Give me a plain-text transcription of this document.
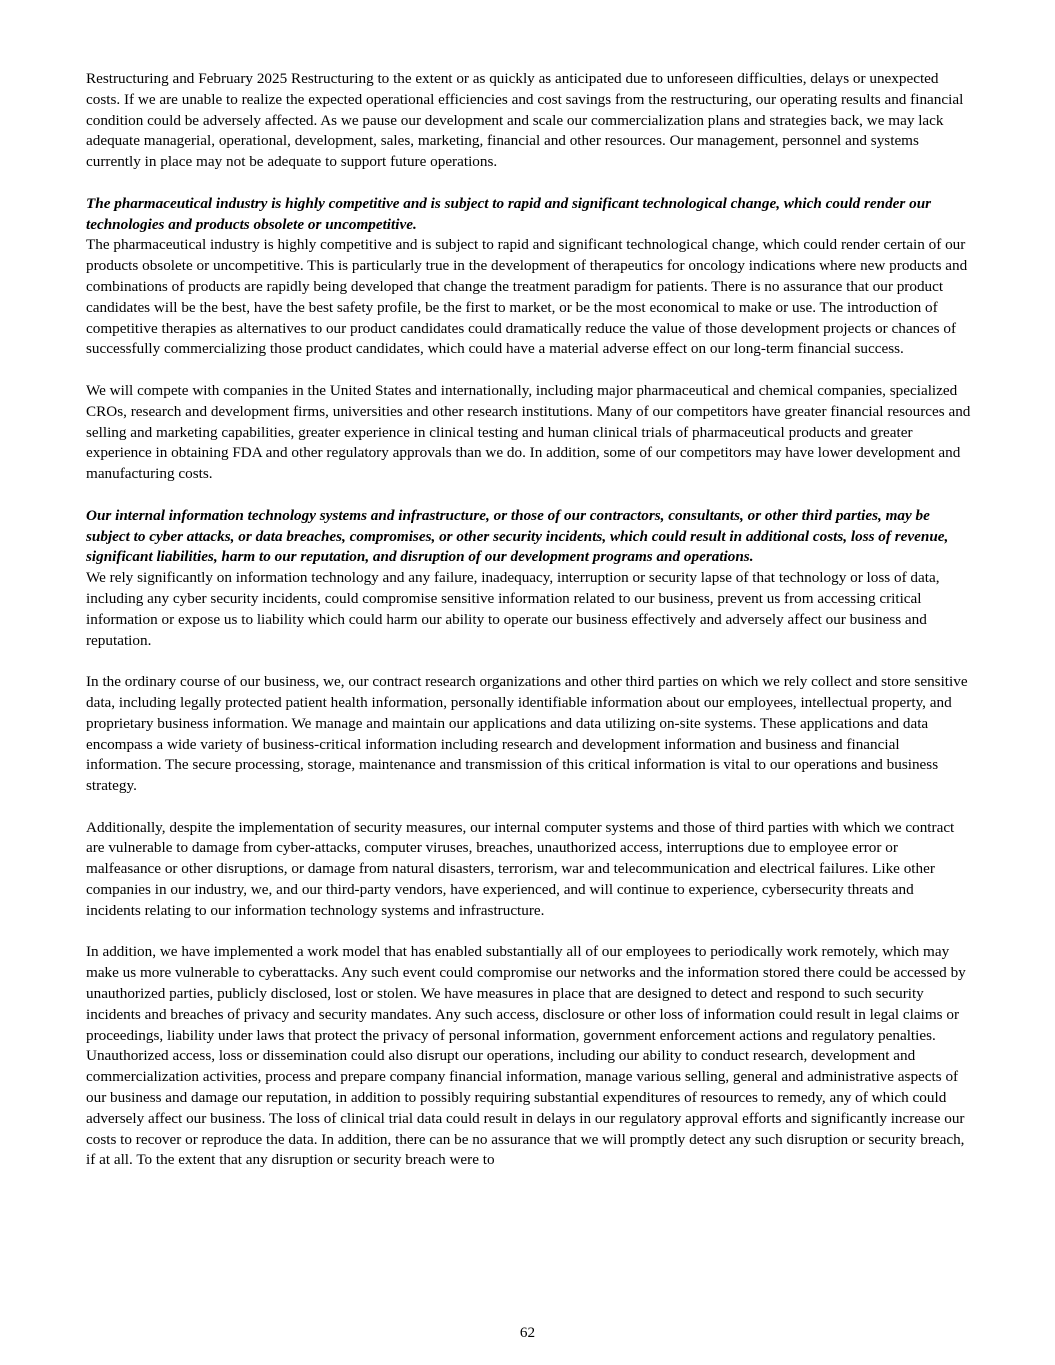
Restructuring and February 2025 Restructuring to the extent or as quickly as anticipated due to unforeseen difficulties, delays or unexpected costs. If we are unable to realize the expected operational efficiencies and cost savings from the restructuring, our operating results and financial condition could be adversely affected. As we pause our development and scale our commercialization plans and strategies back, we may lack adequate managerial, operational, development, sales, marketing, financial and other resources. Our management, personnel and systems currently in place may not be adequate to support future operations.

The pharmaceutical industry is highly competitive and is subject to rapid and significant technological change, which could render our technologies and products obsolete or uncompetitive.

The pharmaceutical industry is highly competitive and is subject to rapid and significant technological change, which could render certain of our products obsolete or uncompetitive. This is particularly true in the development of therapeutics for oncology indications where new products and combinations of products are rapidly being developed that change the treatment paradigm for patients. There is no assurance that our product candidates will be the best, have the best safety profile, be the first to market, or be the most economical to make or use. The introduction of competitive therapies as alternatives to our product candidates could dramatically reduce the value of those development projects or chances of successfully commercializing those product candidates, which could have a material adverse effect on our long-term financial success.

We will compete with companies in the United States and internationally, including major pharmaceutical and chemical companies, specialized CROs, research and development firms, universities and other research institutions. Many of our competitors have greater financial resources and selling and marketing capabilities, greater experience in clinical testing and human clinical trials of pharmaceutical products and greater experience in obtaining FDA and other regulatory approvals than we do. In addition, some of our competitors may have lower development and manufacturing costs.

Our internal information technology systems and infrastructure, or those of our contractors, consultants, or other third parties, may be subject to cyber attacks, or data breaches, compromises, or other security incidents, which could result in additional costs, loss of revenue, significant liabilities, harm to our reputation, and disruption of our development programs and operations.

We rely significantly on information technology and any failure, inadequacy, interruption or security lapse of that technology or loss of data, including any cyber security incidents, could compromise sensitive information related to our business, prevent us from accessing critical information or expose us to liability which could harm our ability to operate our business effectively and adversely affect our business and reputation.

In the ordinary course of our business, we, our contract research organizations and other third parties on which we rely collect and store sensitive data, including legally protected patient health information, personally identifiable information about our employees, intellectual property, and proprietary business information. We manage and maintain our applications and data utilizing on-site systems. These applications and data encompass a wide variety of business-critical information including research and development information and business and financial information. The secure processing, storage, maintenance and transmission of this critical information is vital to our operations and business strategy.

Additionally, despite the implementation of security measures, our internal computer systems and those of third parties with which we contract are vulnerable to damage from cyber-attacks, computer viruses, breaches, unauthorized access, interruptions due to employee error or malfeasance or other disruptions, or damage from natural disasters, terrorism, war and telecommunication and electrical failures. Like other companies in our industry, we, and our third-party vendors, have experienced, and will continue to experience, cybersecurity threats and incidents relating to our information technology systems and infrastructure.

In addition, we have implemented a work model that has enabled substantially all of our employees to periodically work remotely, which may make us more vulnerable to cyberattacks. Any such event could compromise our networks and the information stored there could be accessed by unauthorized parties, publicly disclosed, lost or stolen. We have measures in place that are designed to detect and respond to such security incidents and breaches of privacy and security mandates. Any such access, disclosure or other loss of information could result in legal claims or proceedings, liability under laws that protect the privacy of personal information, government enforcement actions and regulatory penalties. Unauthorized access, loss or dissemination could also disrupt our operations, including our ability to conduct research, development and commercialization activities, process and prepare company financial information, manage various selling, general and administrative aspects of our business and damage our reputation, in addition to possibly requiring substantial expenditures of resources to remedy, any of which could adversely affect our business. The loss of clinical trial data could result in delays in our regulatory approval efforts and significantly increase our costs to recover or reproduce the data. In addition, there can be no assurance that we will promptly detect any such disruption or security breach, if at all. To the extent that any disruption or security breach were to

62
